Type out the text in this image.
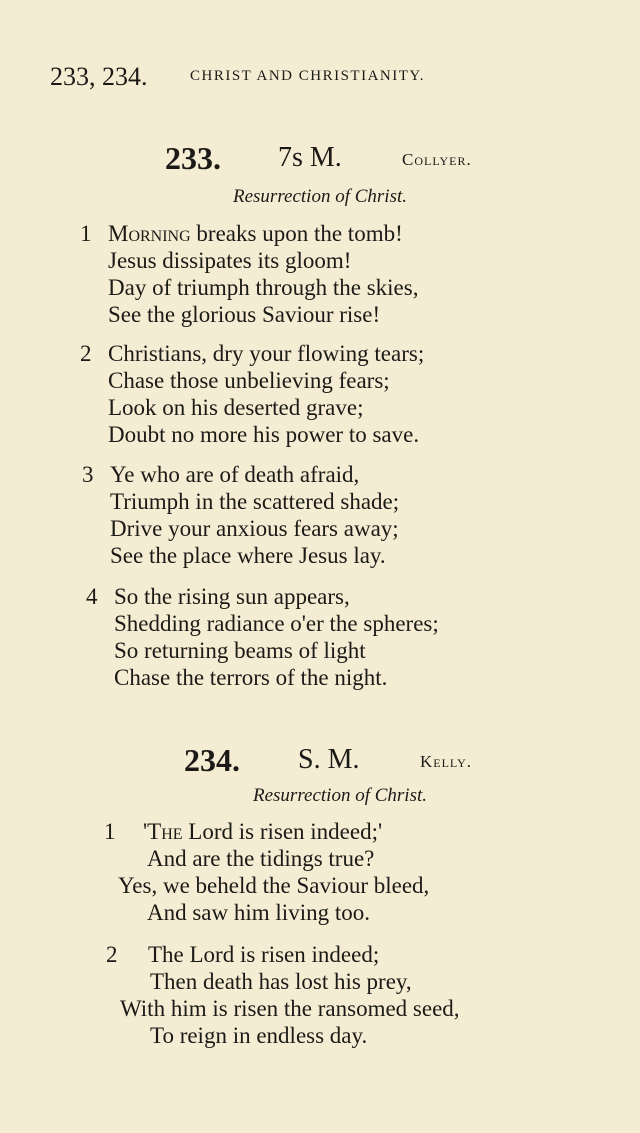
233, 234.	CHRIST AND CHRISTIANITY.
233. 7s M.	Collyer.
Resurrection of Christ.
1 Morning breaks upon the tomb!
Jesus dissipates its gloom!
Day of triumph through the skies,
See the glorious Saviour rise!
2 Christians, dry your flowing tears;
Chase those unbelieving fears;
Look on his deserted grave;
Doubt no more his power to save.
3 Ye who are of death afraid,
Triumph in the scattered shade;
Drive your anxious fears away;
See the place where Jesus lay.
4 So the rising sun appears,
Shedding radiance o'er the spheres;
So returning beams of light
Chase the terrors of the night.
234. S. M.	Kelly.
Resurrection of Christ.
1 'The Lord is risen indeed;'
And are the tidings true?
Yes, we beheld the Saviour bleed,
And saw him living too.
2 The Lord is risen indeed;
Then death has lost his prey,
With him is risen the ransomed seed,
To reign in endless day.
